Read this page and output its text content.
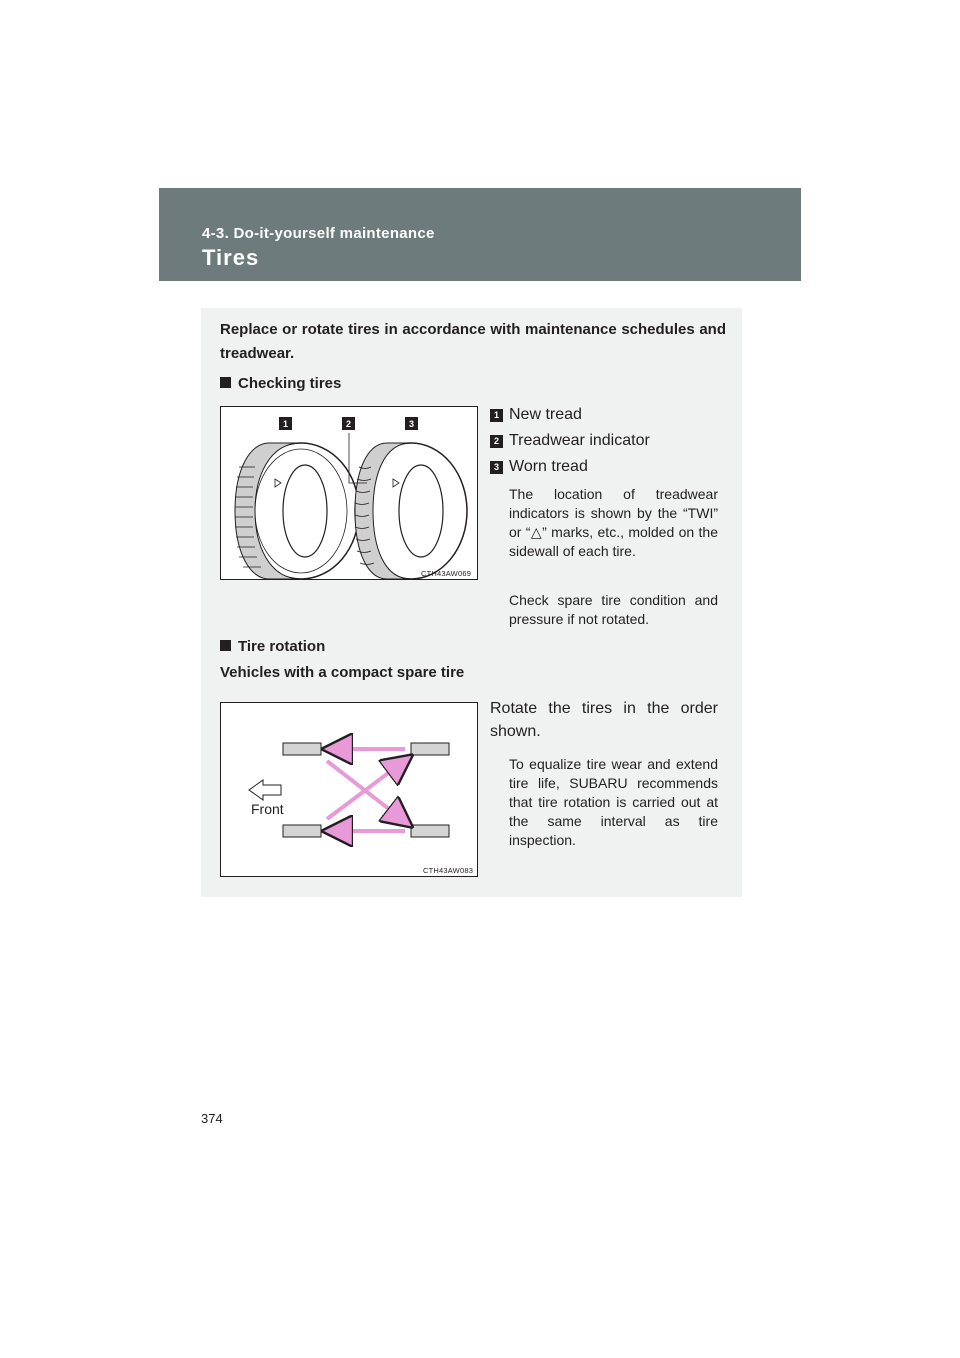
4-3. Do-it-yourself maintenance
Tires
Replace or rotate tires in accordance with maintenance schedules and treadwear.
Checking tires
1	2	3
CTH43AW069
1 New tread
2 Treadwear indicator
3 Worn tread
The location of treadwear indicators is shown by the “TWI” or “△” marks, etc., molded on the sidewall of each tire.
Check spare tire condition and pressure if not rotated.
Tire rotation
Vehicles with a compact spare tire
Front
CTH43AW083
Rotate the tires in the order shown.
To equalize tire wear and extend tire life, SUBARU recommends that tire rotation is carried out at the same interval as tire inspection.
374
